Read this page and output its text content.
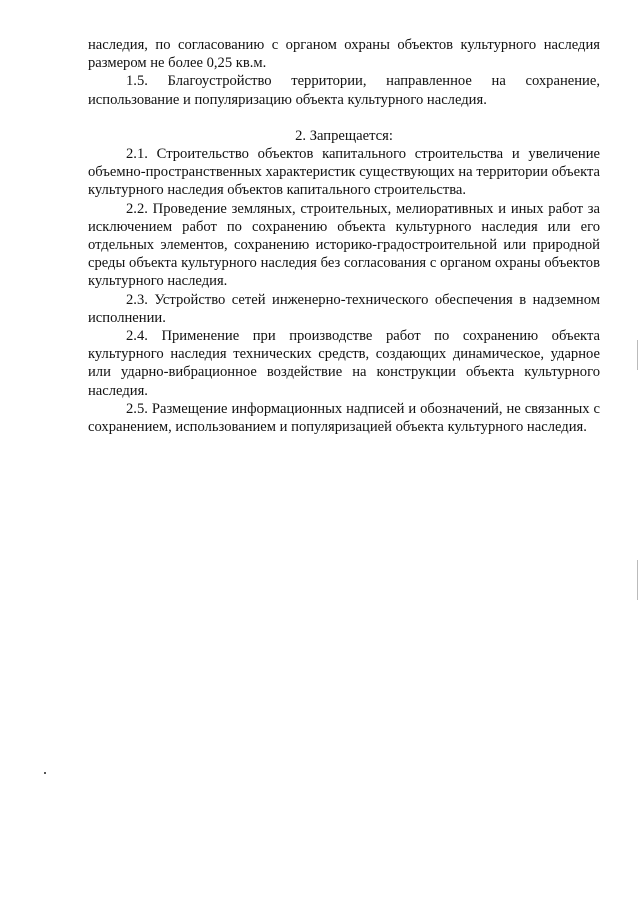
наследия, по согласованию с органом охраны объектов культурного наследия размером не более 0,25 кв.м.

1.5. Благоустройство территории, направленное на сохранение, использование и популяризацию объекта культурного наследия.

2. Запрещается:

2.1. Строительство объектов капитального строительства и увеличение объемно-пространственных характеристик существующих на территории объекта культурного наследия объектов капитального строительства.

2.2. Проведение земляных, строительных, мелиоративных и иных работ за исключением работ по сохранению объекта культурного наследия или его отдельных элементов, сохранению историко-градостроительной или природной среды объекта культурного наследия без согласования с органом охраны объектов культурного наследия.

2.3. Устройство сетей инженерно-технического обеспечения в надземном исполнении.

2.4. Применение при производстве работ по сохранению объекта культурного наследия технических средств, создающих динамическое, ударное или ударно-вибрационное воздействие на конструкции объекта культурного наследия.

2.5. Размещение информационных надписей и обозначений, не связанных с сохранением, использованием и популяризацией объекта культурного наследия.
